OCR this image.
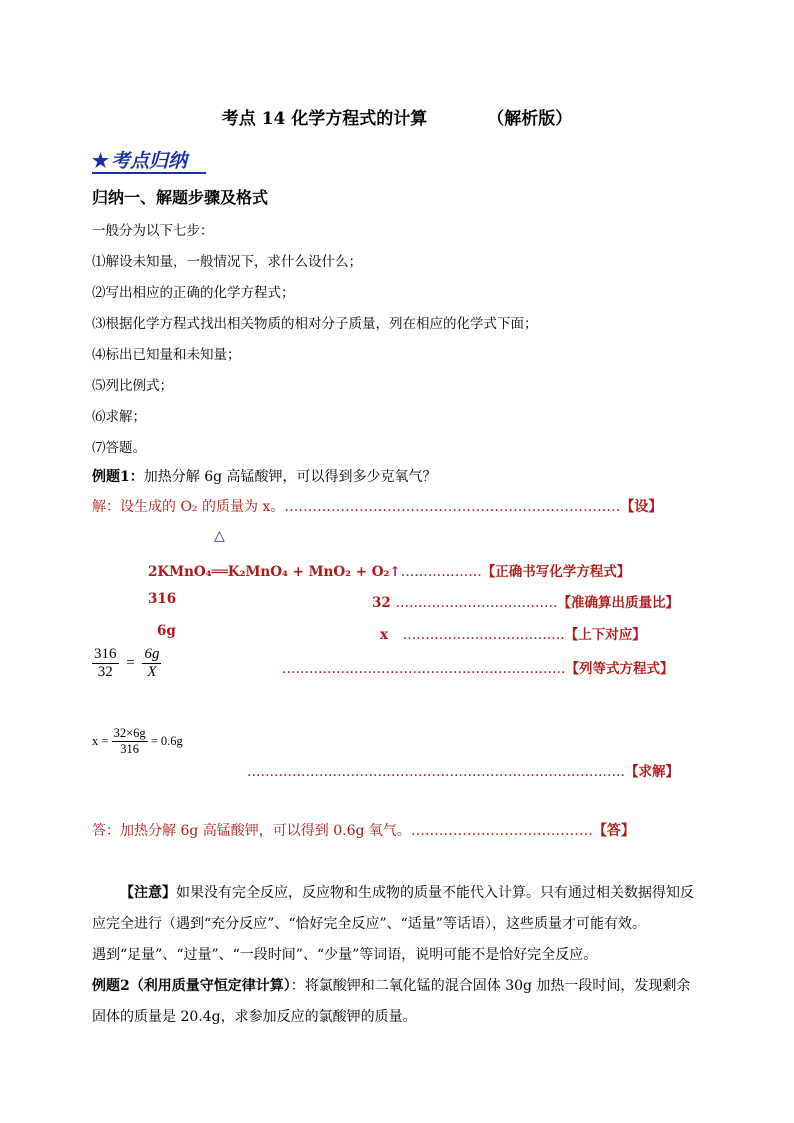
考点 14 化学方程式的计算	（解析版）
★ 考点归纳
归纳一、解题步骤及格式
一般分为以下七步：
⑴解设未知量，一般情况下，求什么设什么；
⑵写出相应的正确的化学方程式；
⑶根据化学方程式找出相关物质的相对分子质量，列在相应的化学式下面；
⑷标出已知量和未知量；
⑸列比例式；
⑹求解；
⑺答题。
例题1：加热分解 6g 高锰酸钾，可以得到多少克氧气？
解：设生成的 O₂ 的质量为 x。………………………………………………………………【设】
△
2KMnO₄══K₂MnO₄ + MnO₂ + O₂↑………………【正确书写化学方程式】
316	32 ………………………………【准确算出质量比】
6g	x ………………………………【上下对应】
$\frac{316}{32} = \frac{6g}{X}$	………………………………………………………【列等式方程式】
$x = \frac{32\times 6g}{316} = 0.6g$
…………………………………………………………………………【求解】
答：加热分解 6g 高锰酸钾，可以得到 0.6g 氧气。…………………………………【答】
【注意】如果没有完全反应，反应物和生成物的质量不能代入计算。只有通过相关数据得知反
应完全进行（遇到“充分反应”、“恰好完全反应”、“适量”等话语），这些质量才可能有效。
遇到“足量”、“过量”、“一段时间”、“少量”等词语，说明可能不是恰好完全反应。
例题2（利用质量守恒定律计算）：将氯酸钾和二氧化锰的混合固体 30g 加热一段时间，发现剩余
固体的质量是 20.4g，求参加反应的氯酸钾的质量。
